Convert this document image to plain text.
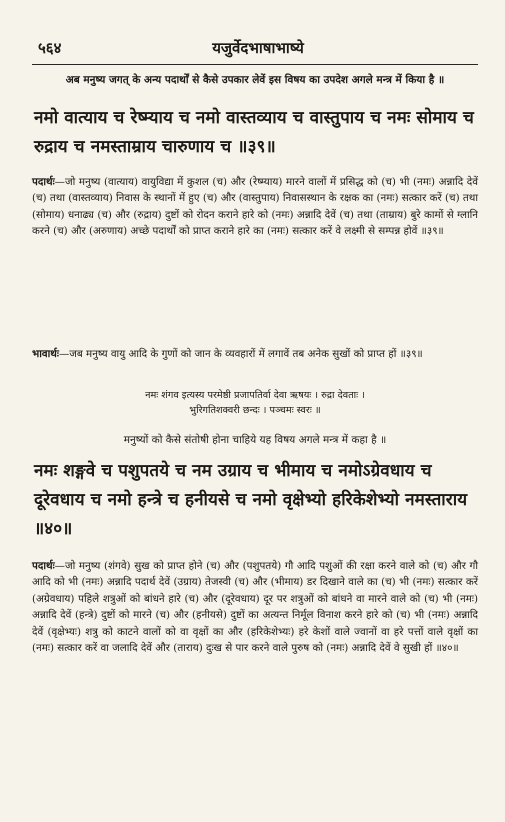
५६४	यजुर्वेदभाषाभाष्ये
अब मनुष्य जगत् के अन्य पदार्थों से कैसे उपकार लेवें इस विषय का उपदेश अगले मन्त्र में किया है ॥
नमो वात्याय च रेष्म्याय च नमो वास्तव्याय च वास्तुपाय च नमः सोमाय च रुद्राय च नमस्ताम्राय चारुणाय च ॥३९॥
पदार्थः—जो मनुष्य (वात्याय) वायुविद्या में कुशल (च) और (रेष्म्याय) मारने वालों में प्रसिद्ध को (च) भी (नमः) अन्नादि देवें (च) तथा (वास्तव्याय) निवास के स्थानों में हुए (च) और (वास्तुपाय) निवासस्थान के रक्षक का (नमः) सत्कार करें (च) तथा (सोमाय) धनाढ्य (च) और (रुद्राय) दुष्टों को रोदन कराने हारे को (नमः) अन्नादि देवें (च) तथा (ताम्राय) बुरे कामों से ग्लानि करने (च) और (अरुणाय) अच्छे पदार्थों को प्राप्त कराने हारे का (नमः) सत्कार करें वे लक्ष्मी से सम्पन्न होवें ॥३९॥
भावार्थः—जब मनुष्य वायु आदि के गुणों को जान के व्यवहारों में लगावें तब अनेक सुखों को प्राप्त हों ॥३९॥
नमः शंगव इत्यस्य परमेष्ठी प्रजापतिर्वा देवा ऋषयः । रुद्रा देवताः ।
भुरिगतिशक्वरी छन्दः । पञ्चमः स्वरः ॥
मनुष्यों को कैसे संतोषी होना चाहिये यह विषय अगले मन्त्र में कहा है ॥
नमः शङ्गवे च पशुपतये च नम उग्राय च भीमाय च नमोऽग्रेवधाय च दूरेवधाय च नमो हन्त्रे च हनीयसे च नमो वृक्षेभ्यो हरिकेशेभ्यो नमस्ताराय ॥४०॥
पदार्थः—जो मनुष्य (शंगवे) सुख को प्राप्त होने (च) और (पशुपतये) गौ आदि पशुओं की रक्षा करने वाले को (च) और गौ आदि को भी (नमः) अन्नादि पदार्थ देवें (उग्राय) तेजस्वी (च) और (भीमाय) डर दिखाने वाले का (च) भी (नमः) सत्कार करें (अग्रेवधाय) पहिले शत्रुओं को बांधने हारे (च) और (दूरेवधाय) दूर पर शत्रुओं को बांधने वा मारने वाले को (च) भी (नमः) अन्नादि देवें (हन्त्रे) दुष्टों को मारने (च) और (हनीयसे) दुष्टों का अत्यन्त निर्मूल विनाश करने हारे को (च) भी (नमः) अन्नादि देवें (वृक्षेभ्यः) शत्रु को काटने वालों को वा वृक्षों का और (हरिकेशेभ्यः) हरे केशों वाले ज्वानों वा हरे पत्तों वाले वृक्षों का (नमः) सत्कार करें वा जलादि देवें और (ताराय) दुःख से पार करने वाले पुरुष को (नमः) अन्नादि देवें वे सुखी हों ॥४०॥
